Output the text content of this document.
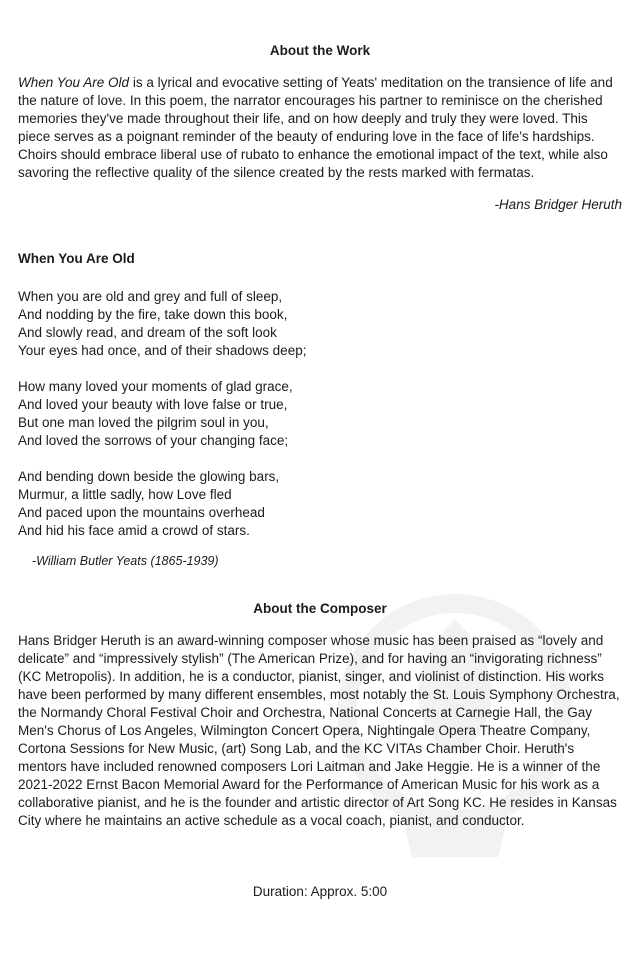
About the Work

When You Are Old is a lyrical and evocative setting of Yeats' meditation on the transience of life and the nature of love. In this poem, the narrator encourages his partner to reminisce on the cherished memories they've made throughout their life, and on how deeply and truly they were loved. This piece serves as a poignant reminder of the beauty of enduring love in the face of life's hardships. Choirs should embrace liberal use of rubato to enhance the emotional impact of the text, while also savoring the reflective quality of the silence created by the rests marked with fermatas.

-Hans Bridger Heruth
When You Are Old
When you are old and grey and full of sleep,
And nodding by the fire, take down this book,
And slowly read, and dream of the soft look
Your eyes had once, and of their shadows deep;
How many loved your moments of glad grace,
And loved your beauty with love false or true,
But one man loved the pilgrim soul in you,
And loved the sorrows of your changing face;
And bending down beside the glowing bars,
Murmur, a little sadly, how Love fled
And paced upon the mountains overhead
And hid his face amid a crowd of stars.
-William Butler Yeats (1865-1939)
About the Composer

Hans Bridger Heruth is an award-winning composer whose music has been praised as “lovely and delicate” and “impressively stylish” (The American Prize), and for having an “invigorating richness” (KC Metropolis). In addition, he is a conductor, pianist, singer, and violinist of distinction. His works have been performed by many different ensembles, most notably the St. Louis Symphony Orchestra, the Normandy Choral Festival Choir and Orchestra, National Concerts at Carnegie Hall, the Gay Men's Chorus of Los Angeles, Wilmington Concert Opera, Nightingale Opera Theatre Company, Cortona Sessions for New Music, (art) Song Lab, and the KC VITAs Chamber Choir. Heruth's mentors have included renowned composers Lori Laitman and Jake Heggie. He is a winner of the 2021-2022 Ernst Bacon Memorial Award for the Performance of American Music for his work as a collaborative pianist, and he is the founder and artistic director of Art Song KC. He resides in Kansas City where he maintains an active schedule as a vocal coach, pianist, and conductor.

Duration: Approx. 5:00
